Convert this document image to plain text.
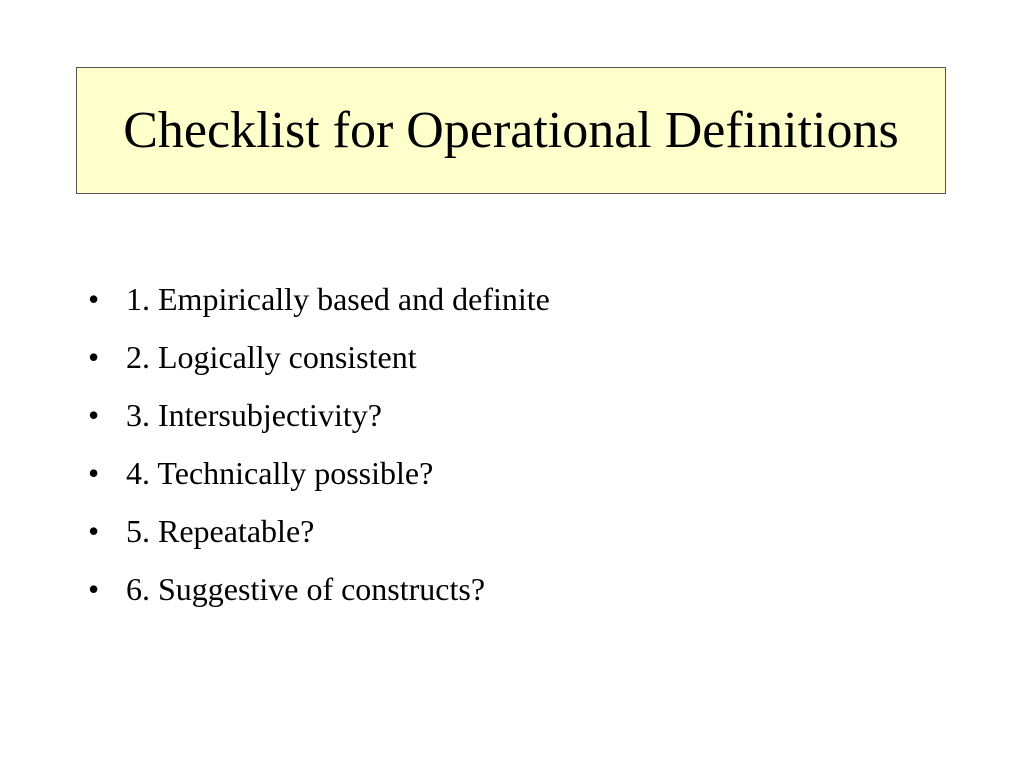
Checklist for Operational Definitions
• 1. Empirically based and definite
• 2. Logically consistent
• 3. Intersubjectivity?
• 4. Technically possible?
• 5. Repeatable?
• 6. Suggestive of constructs?
